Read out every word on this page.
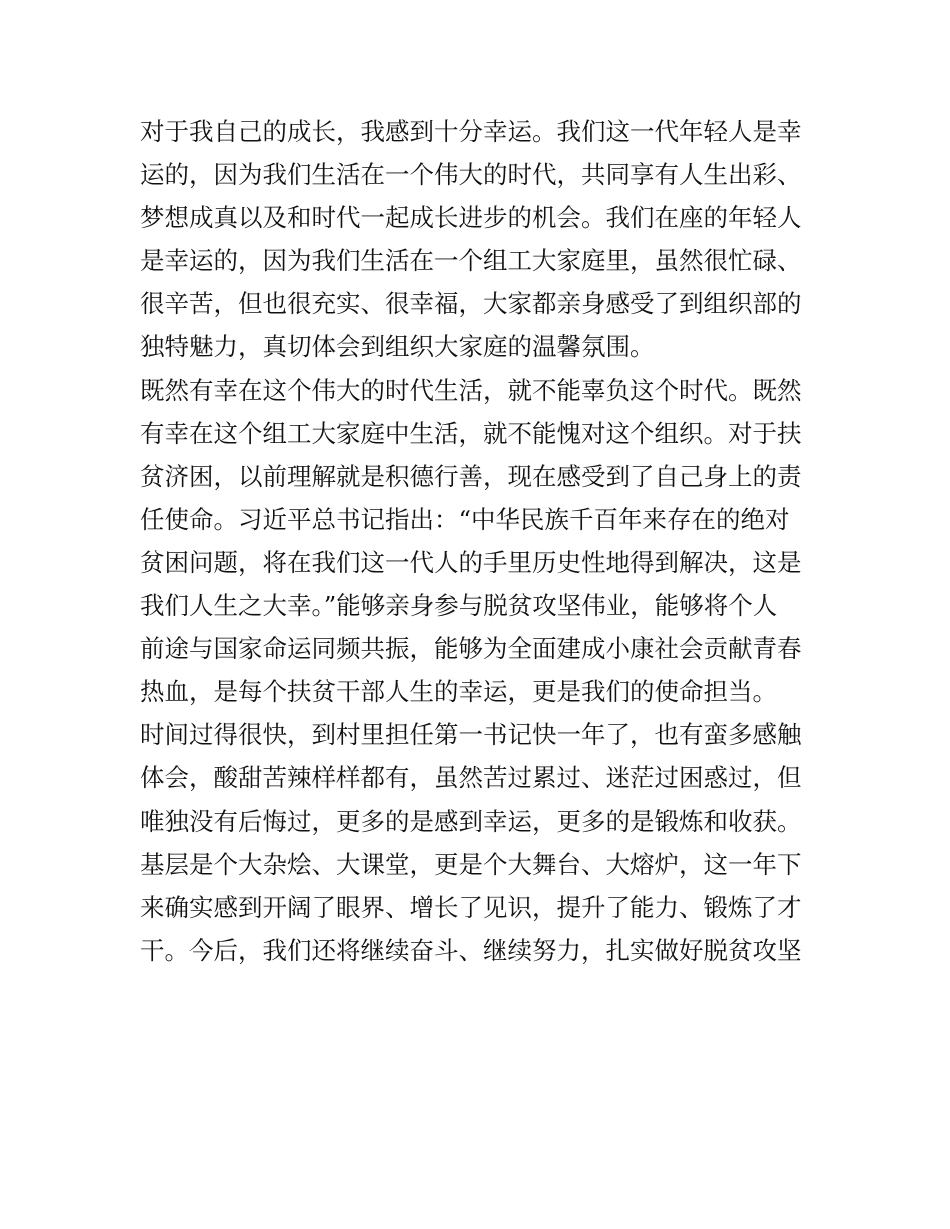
对于我自己的成长，我感到十分幸运。我们这一代年轻人是幸
运的，因为我们生活在一个伟大的时代，共同享有人生出彩、
梦想成真以及和时代一起成长进步的机会。我们在座的年轻人
是幸运的，因为我们生活在一个组工大家庭里，虽然很忙碌、
很辛苦，但也很充实、很幸福，大家都亲身感受了到组织部的
独特魅力，真切体会到组织大家庭的温馨氛围。
既然有幸在这个伟大的时代生活，就不能辜负这个时代。既然
有幸在这个组工大家庭中生活，就不能愧对这个组织。对于扶
贫济困，以前理解就是积德行善，现在感受到了自己身上的责
任使命。习近平总书记指出：“中华民族千百年来存在的绝对
贫困问题，将在我们这一代人的手里历史性地得到解决，这是
我们人生之大幸。”能够亲身参与脱贫攻坚伟业，能够将个人
前途与国家命运同频共振，能够为全面建成小康社会贡献青春
热血，是每个扶贫干部人生的幸运，更是我们的使命担当。
时间过得很快，到村里担任第一书记快一年了，也有蛮多感触
体会，酸甜苦辣样样都有，虽然苦过累过、迷茫过困惑过，但
唯独没有后悔过，更多的是感到幸运，更多的是锻炼和收获。
基层是个大杂烩、大课堂，更是个大舞台、大熔炉，这一年下
来确实感到开阔了眼界、增长了见识，提升了能力、锻炼了才
干。今后，我们还将继续奋斗、继续努力，扎实做好脱贫攻坚
